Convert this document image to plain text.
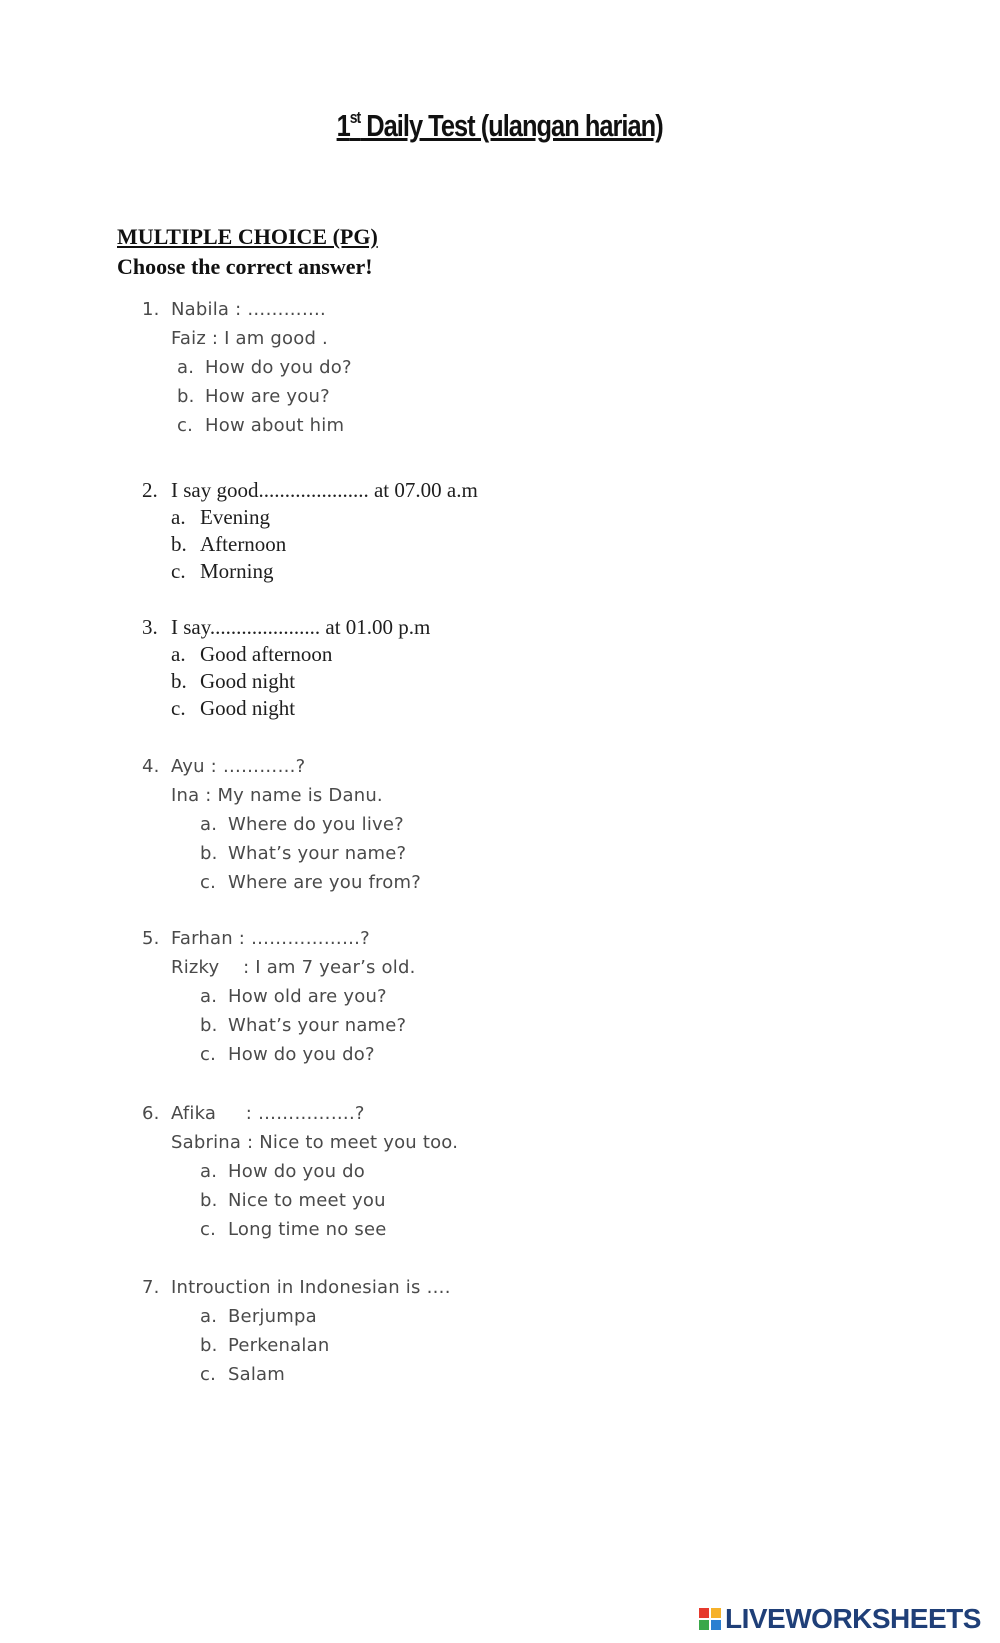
1st Daily Test (ulangan harian)
MULTIPLE CHOICE (PG)
Choose the correct answer!
1. Nabila : ………….
Faiz : I am good .
a. How do you do?
b. How are you?
c. How about him
2. I say good..................... at 07.00 a.m
a. Evening
b. Afternoon
c. Morning
3. I say..................... at 01.00 p.m
a. Good afternoon
b. Good night
c. Good night
4. Ayu : …………?
Ina : My name is Danu.
a. Where do you live?
b. What’s your name?
c. Where are you from?
5. Farhan : ………………?
Rizky    : I am 7 year’s old.
a. How old are you?
b. What’s your name?
c. How do you do?
6. Afika     : …………….?
Sabrina : Nice to meet you too.
a. How do you do
b. Nice to meet you
c. Long time no see
7. Introuction in Indonesian is ….
a. Berjumpa
b. Perkenalan
c. Salam
LIVEWORKSHEETS
